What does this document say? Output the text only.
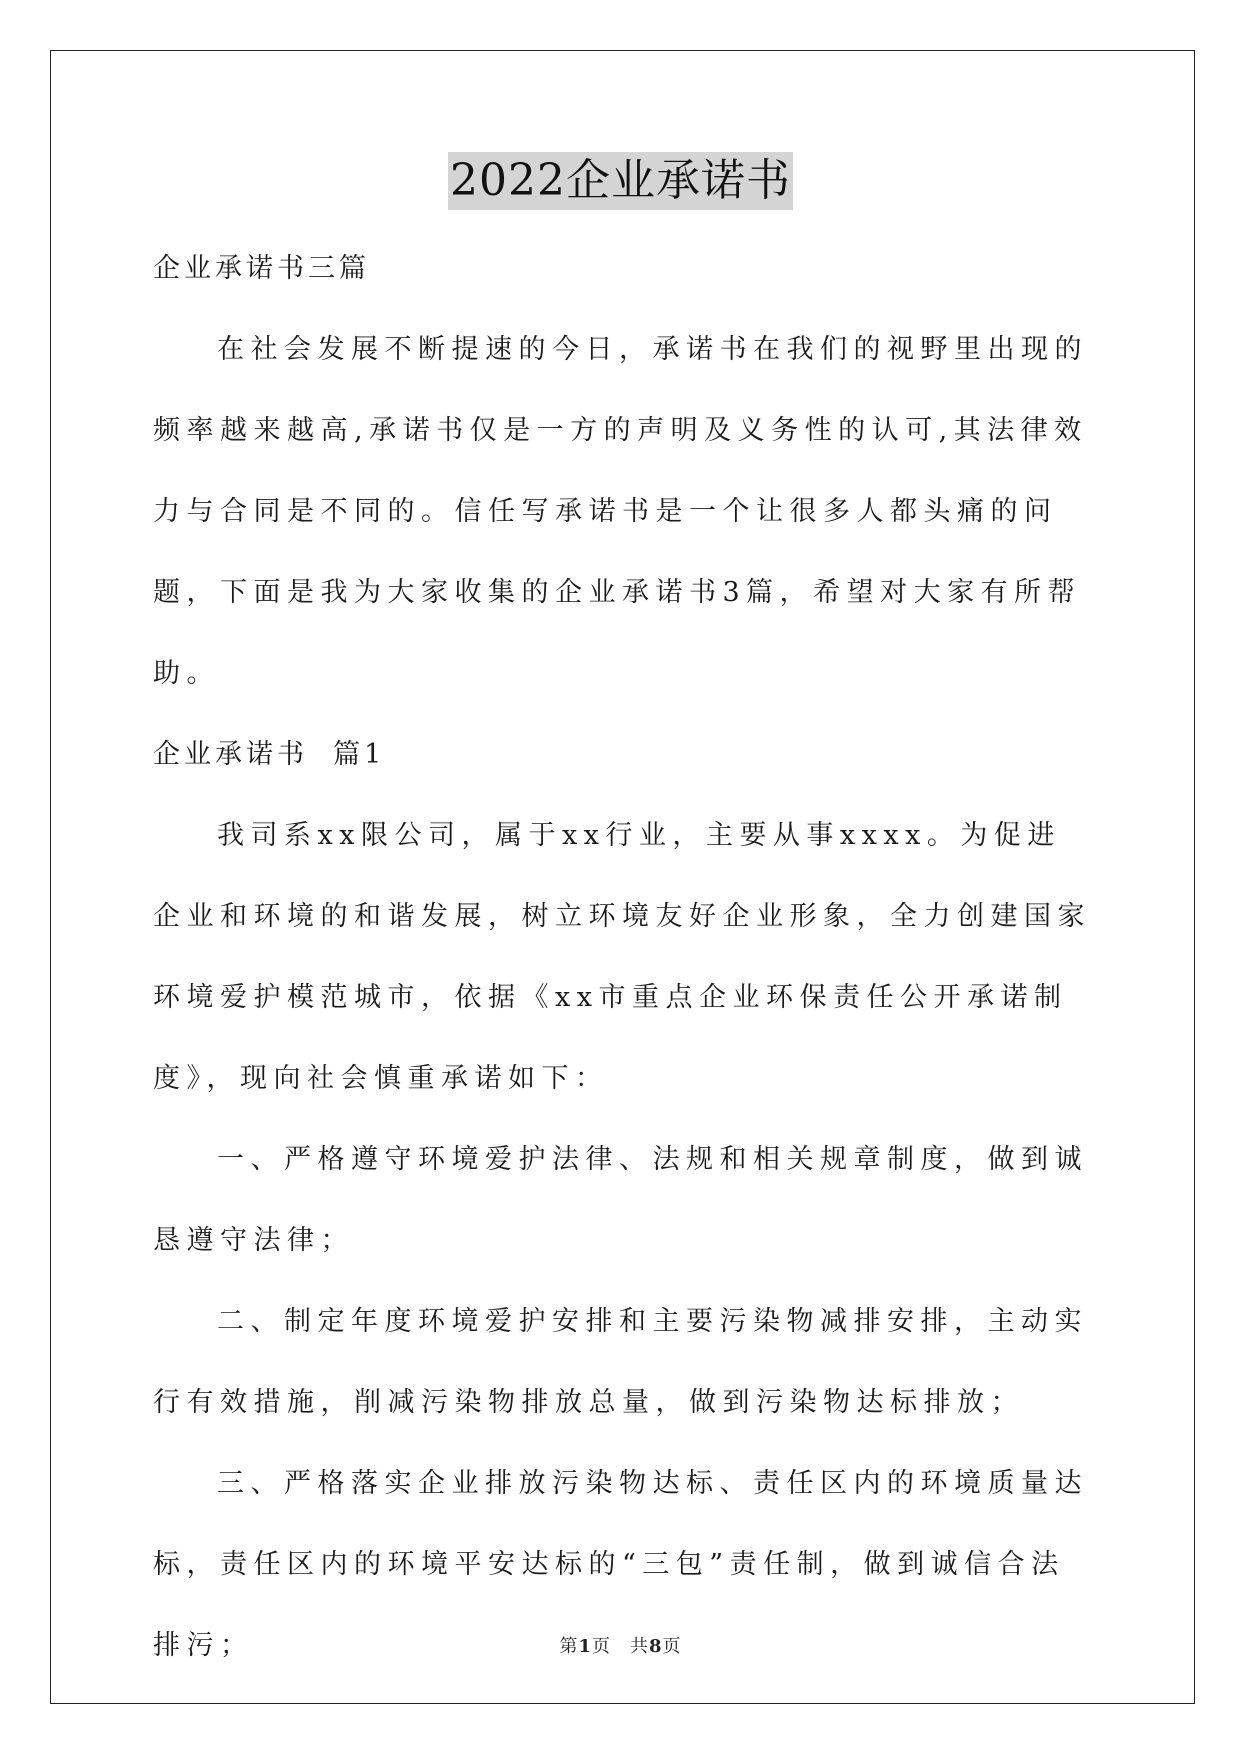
2022企业承诺书

企业承诺书三篇

在社会发展不断提速的今日，承诺书在我们的视野里出现的频率越来越高,承诺书仅是一方的声明及义务性的认可,其法律效力与合同是不同的。信任写承诺书是一个让很多人都头痛的问题，下面是我为大家收集的企业承诺书3篇，希望对大家有所帮助。

企业承诺书  篇1

我司系xx限公司，属于xx行业，主要从事xxxx。为促进企业和环境的和谐发展，树立环境友好企业形象，全力创建国家环境爱护模范城市，依据《xx市重点企业环保责任公开承诺制度》，现向社会慎重承诺如下：

一、严格遵守环境爱护法律、法规和相关规章制度，做到诚恳遵守法律；

二、制定年度环境爱护安排和主要污染物减排安排，主动实行有效措施，削减污染物排放总量，做到污染物达标排放；

三、严格落实企业排放污染物达标、责任区内的环境质量达标，责任区内的环境平安达标的“三包”责任制，做到诚信合法排污；	第1页　共8页
